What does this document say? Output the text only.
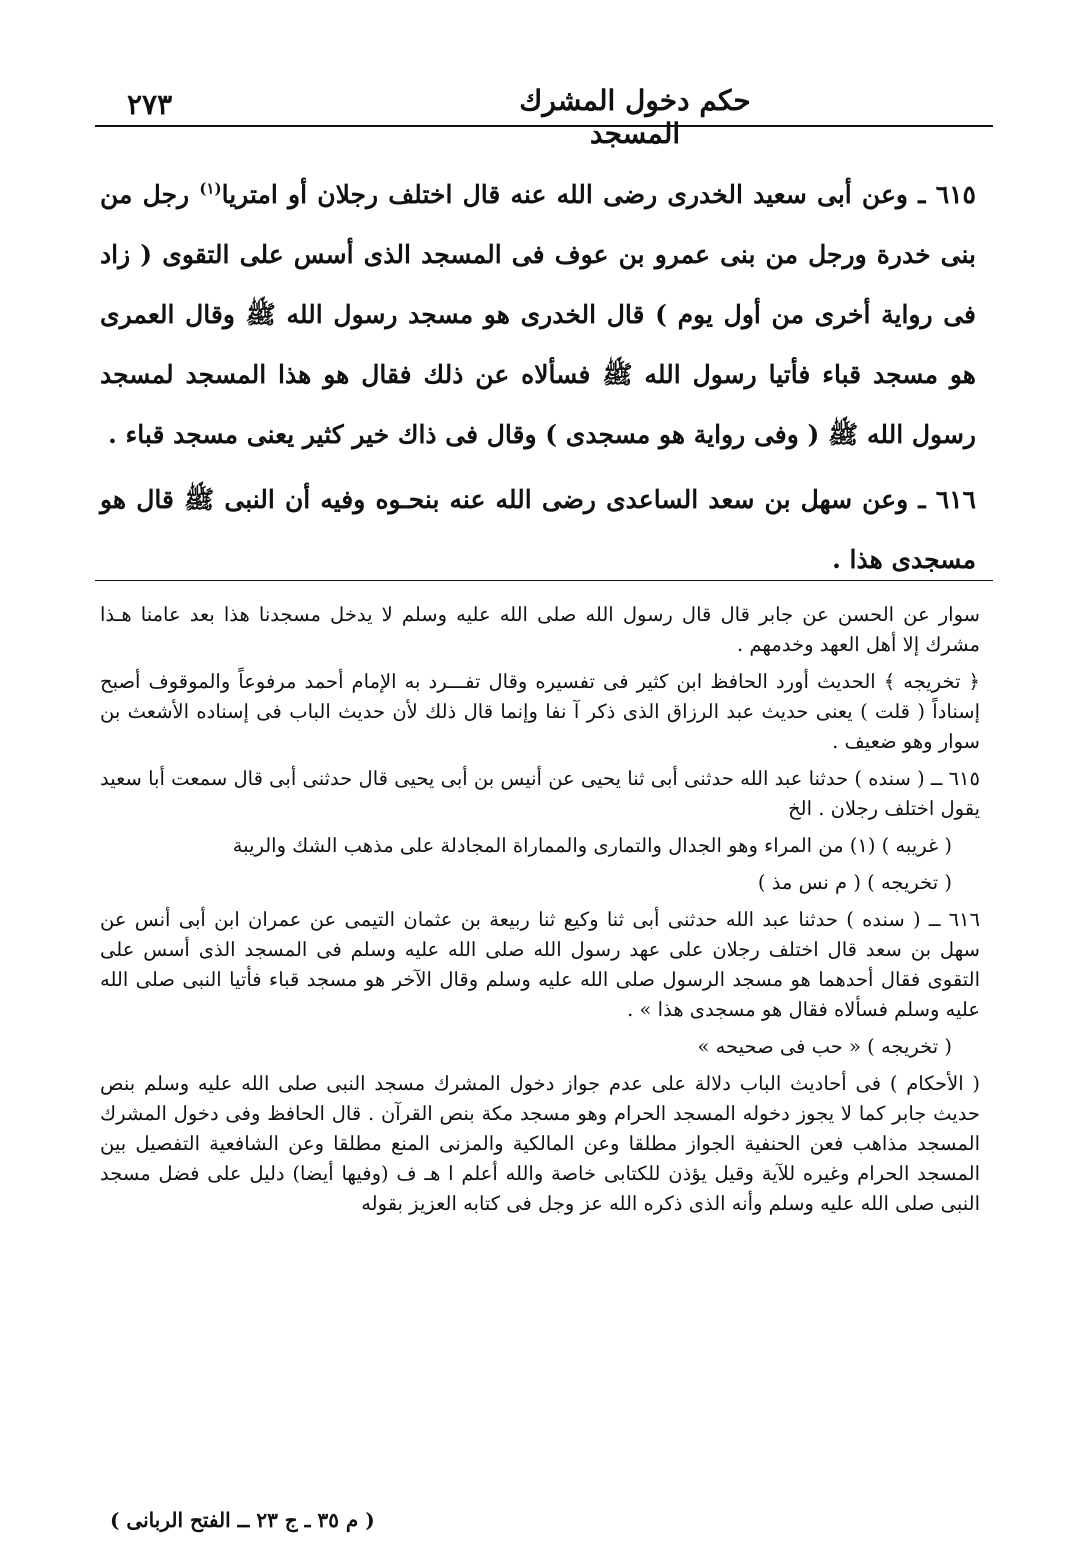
٢٧٣	حكم دخول المشرك المسجد

٦١٥ ـ وعن أبى سعيد الخدرى رضى الله عنه قال اختلف رجلان أو امتريا$^{(١)}$ رجل من بنى خدرة ورجل من بنى عمرو بن عوف فى المسجد الذى أسس على التقوى ( زاد فى رواية أخرى من أول يوم ) قال الخدرى هو مسجد رسول الله ﷺ وقال العمرى هو مسجد قباء فأتيا رسول الله ﷺ فسألاه عن ذلك فقال هو هذا المسجد لمسجد رسول الله ﷺ ( وفى رواية هو مسجدى ) وقال فى ذاك خير كثير يعنى مسجد قباء .

٦١٦ ـ وعن سهل بن سعد الساعدى رضى الله عنه بنحـوه وفيه أن النبى ﷺ قال هو مسجدى هذا .

سوار عن الحسن عن جابر قال قال رسول الله صلى الله عليه وسلم لا يدخل مسجدنا هذا بعد عامنا هـذا مشرك إلا أهل العهد وخدمهم .

﴿ تخريجه ﴾ الحديث أورد الحافظ ابن كثير فى تفسيره وقال تفـــرد به الإمام أحمد مرفوعاً والموقوف أصبح إسناداً ( قلت ) يعنى حديث عبد الرزاق الذى ذكر آ نفا وإنما قال ذلك لأن حديث الباب فى إسناده الأشعث بن سوار وهو ضعيف .

٦١٥ ــ ( سنده ) حدثنا عبد الله حدثنى أبى ثنا يحيى عن أنيس بن أبى يحيى قال حدثنى أبى قال سمعت أبا سعيد يقول اختلف رجلان . الخ

( غريبه ) (١) من المراء وهو الجدال والتمارى والمماراة المجادلة على مذهب الشك والريبة

( تخريجه ) ( م نس مذ )

٦١٦ ــ ( سنده ) حدثنا عبد الله حدثنى أبى ثنا وكيع ثنا ربيعة بن عثمان التيمى عن عمران ابن أبى أنس عن سهل بن سعد قال اختلف رجلان على عهد رسول الله صلى الله عليه وسلم فى المسجد الذى أسس على التقوى فقال أحدهما هو مسجد الرسول صلى الله عليه وسلم وقال الآخر هو مسجد قباء فأتيا النبى صلى الله عليه وسلم فسألاه فقال هو مسجدى هذا » .

( تخريجه ) « حب فى صحيحه »

( الأحكام ) فى أحاديث الباب دلالة على عدم جواز دخول المشرك مسجد النبى صلى الله عليه وسلم بنص حديث جابر كما لا يجوز دخوله المسجد الحرام وهو مسجد مكة بنص القرآن . قال الحافظ وفى دخول المشرك المسجد مذاهب فعن الحنفية الجواز مطلقا وعن المالكية والمزنى المنع مطلقا وعن الشافعية التفصيل بين المسجد الحرام وغيره للآية وقيل يؤذن للكتابى خاصة والله أعلم ا هـ ف (وفيها أيضا) دليل على فضل مسجد النبى صلى الله عليه وسلم وأنه الذى ذكره الله عز وجل فى كتابه العزيز بقوله

( م ٣٥ ـ ج ٢٣ ــ الفتح الربانى )
